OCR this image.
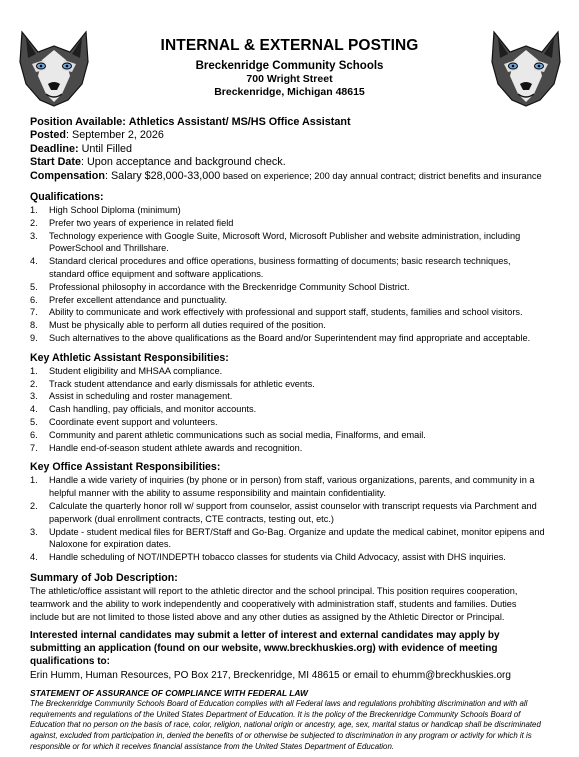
INTERNAL & EXTERNAL POSTING
Breckenridge Community Schools
700 Wright Street
Breckenridge, Michigan 48615
Position Available: Athletics Assistant/ MS/HS Office Assistant
Posted: September 2, 2026
Deadline: Until Filled
Start Date: Upon acceptance and background check.
Compensation: Salary $28,000-33,000 based on experience; 200 day annual contract; district benefits and insurance
Qualifications:
1. High School Diploma (minimum)
2. Prefer two years of experience in related field
3. Technology experience with Google Suite, Microsoft Word, Microsoft Publisher and website administration, including PowerSchool and Thrillshare.
4. Standard clerical procedures and office operations, business formatting of documents; basic research techniques, standard office equipment and software applications.
5. Professional philosophy in accordance with the Breckenridge Community School District.
6. Prefer excellent attendance and punctuality.
7. Ability to communicate and work effectively with professional and support staff, students, families and school visitors.
8. Must be physically able to perform all duties required of the position.
9. Such alternatives to the above qualifications as the Board and/or Superintendent may find appropriate and acceptable.
Key Athletic Assistant Responsibilities:
1. Student eligibility and MHSAA compliance.
2. Track student attendance and early dismissals for athletic events.
3. Assist in scheduling and roster management.
4. Cash handling, pay officials, and monitor accounts.
5. Coordinate event support and volunteers.
6. Community and parent athletic communications such as social media, Finalforms, and email.
7. Handle end-of-season student athlete awards and recognition.
Key Office Assistant Responsibilities:
1. Handle a wide variety of inquiries (by phone or in person) from staff, various organizations, parents, and community in a helpful manner with the ability to assume responsibility and maintain confidentiality.
2. Calculate the quarterly honor roll w/ support from counselor, assist counselor with transcript requests via Parchment and paperwork (dual enrollment contracts, CTE contracts, testing out, etc.)
3. Update - student medical files for BERT/Staff and Go-Bag. Organize and update the medical cabinet, monitor epipens and Naloxone for expiration dates.
4. Handle scheduling of NOT/INDEPTH tobacco classes for students via Child Advocacy, assist with DHS inquiries.
Summary of Job Description:
The athletic/office assistant will report to the athletic director and the school principal. This position requires cooperation, teamwork and the ability to work independently and cooperatively with administration staff, students and families. Duties include but are not limited to those listed above and any other duties as assigned by the Athletic Director or Principal.
Interested internal candidates may submit a letter of interest and external candidates may apply by submitting an application (found on our website, www.breckhuskies.org) with evidence of meeting qualifications to:
Erin Humm, Human Resources, PO Box 217, Breckenridge, MI 48615 or email to ehumm@breckhuskies.org
STATEMENT OF ASSURANCE OF COMPLIANCE WITH FEDERAL LAW
The Breckenridge Community Schools Board of Education complies with all Federal laws and regulations prohibiting discrimination and with all requirements and regulations of the United States Department of Education. It is the policy of the Breckenridge Community Schools Board of Education that no person on the basis of race, color, religion, national origin or ancestry, age, sex, marital status or handicap shall be discriminated against, excluded from participation in, denied the benefits of or otherwise be subjected to discrimination in any program or activity for which it is responsible or for which it receives financial assistance from the United States Department of Education.
